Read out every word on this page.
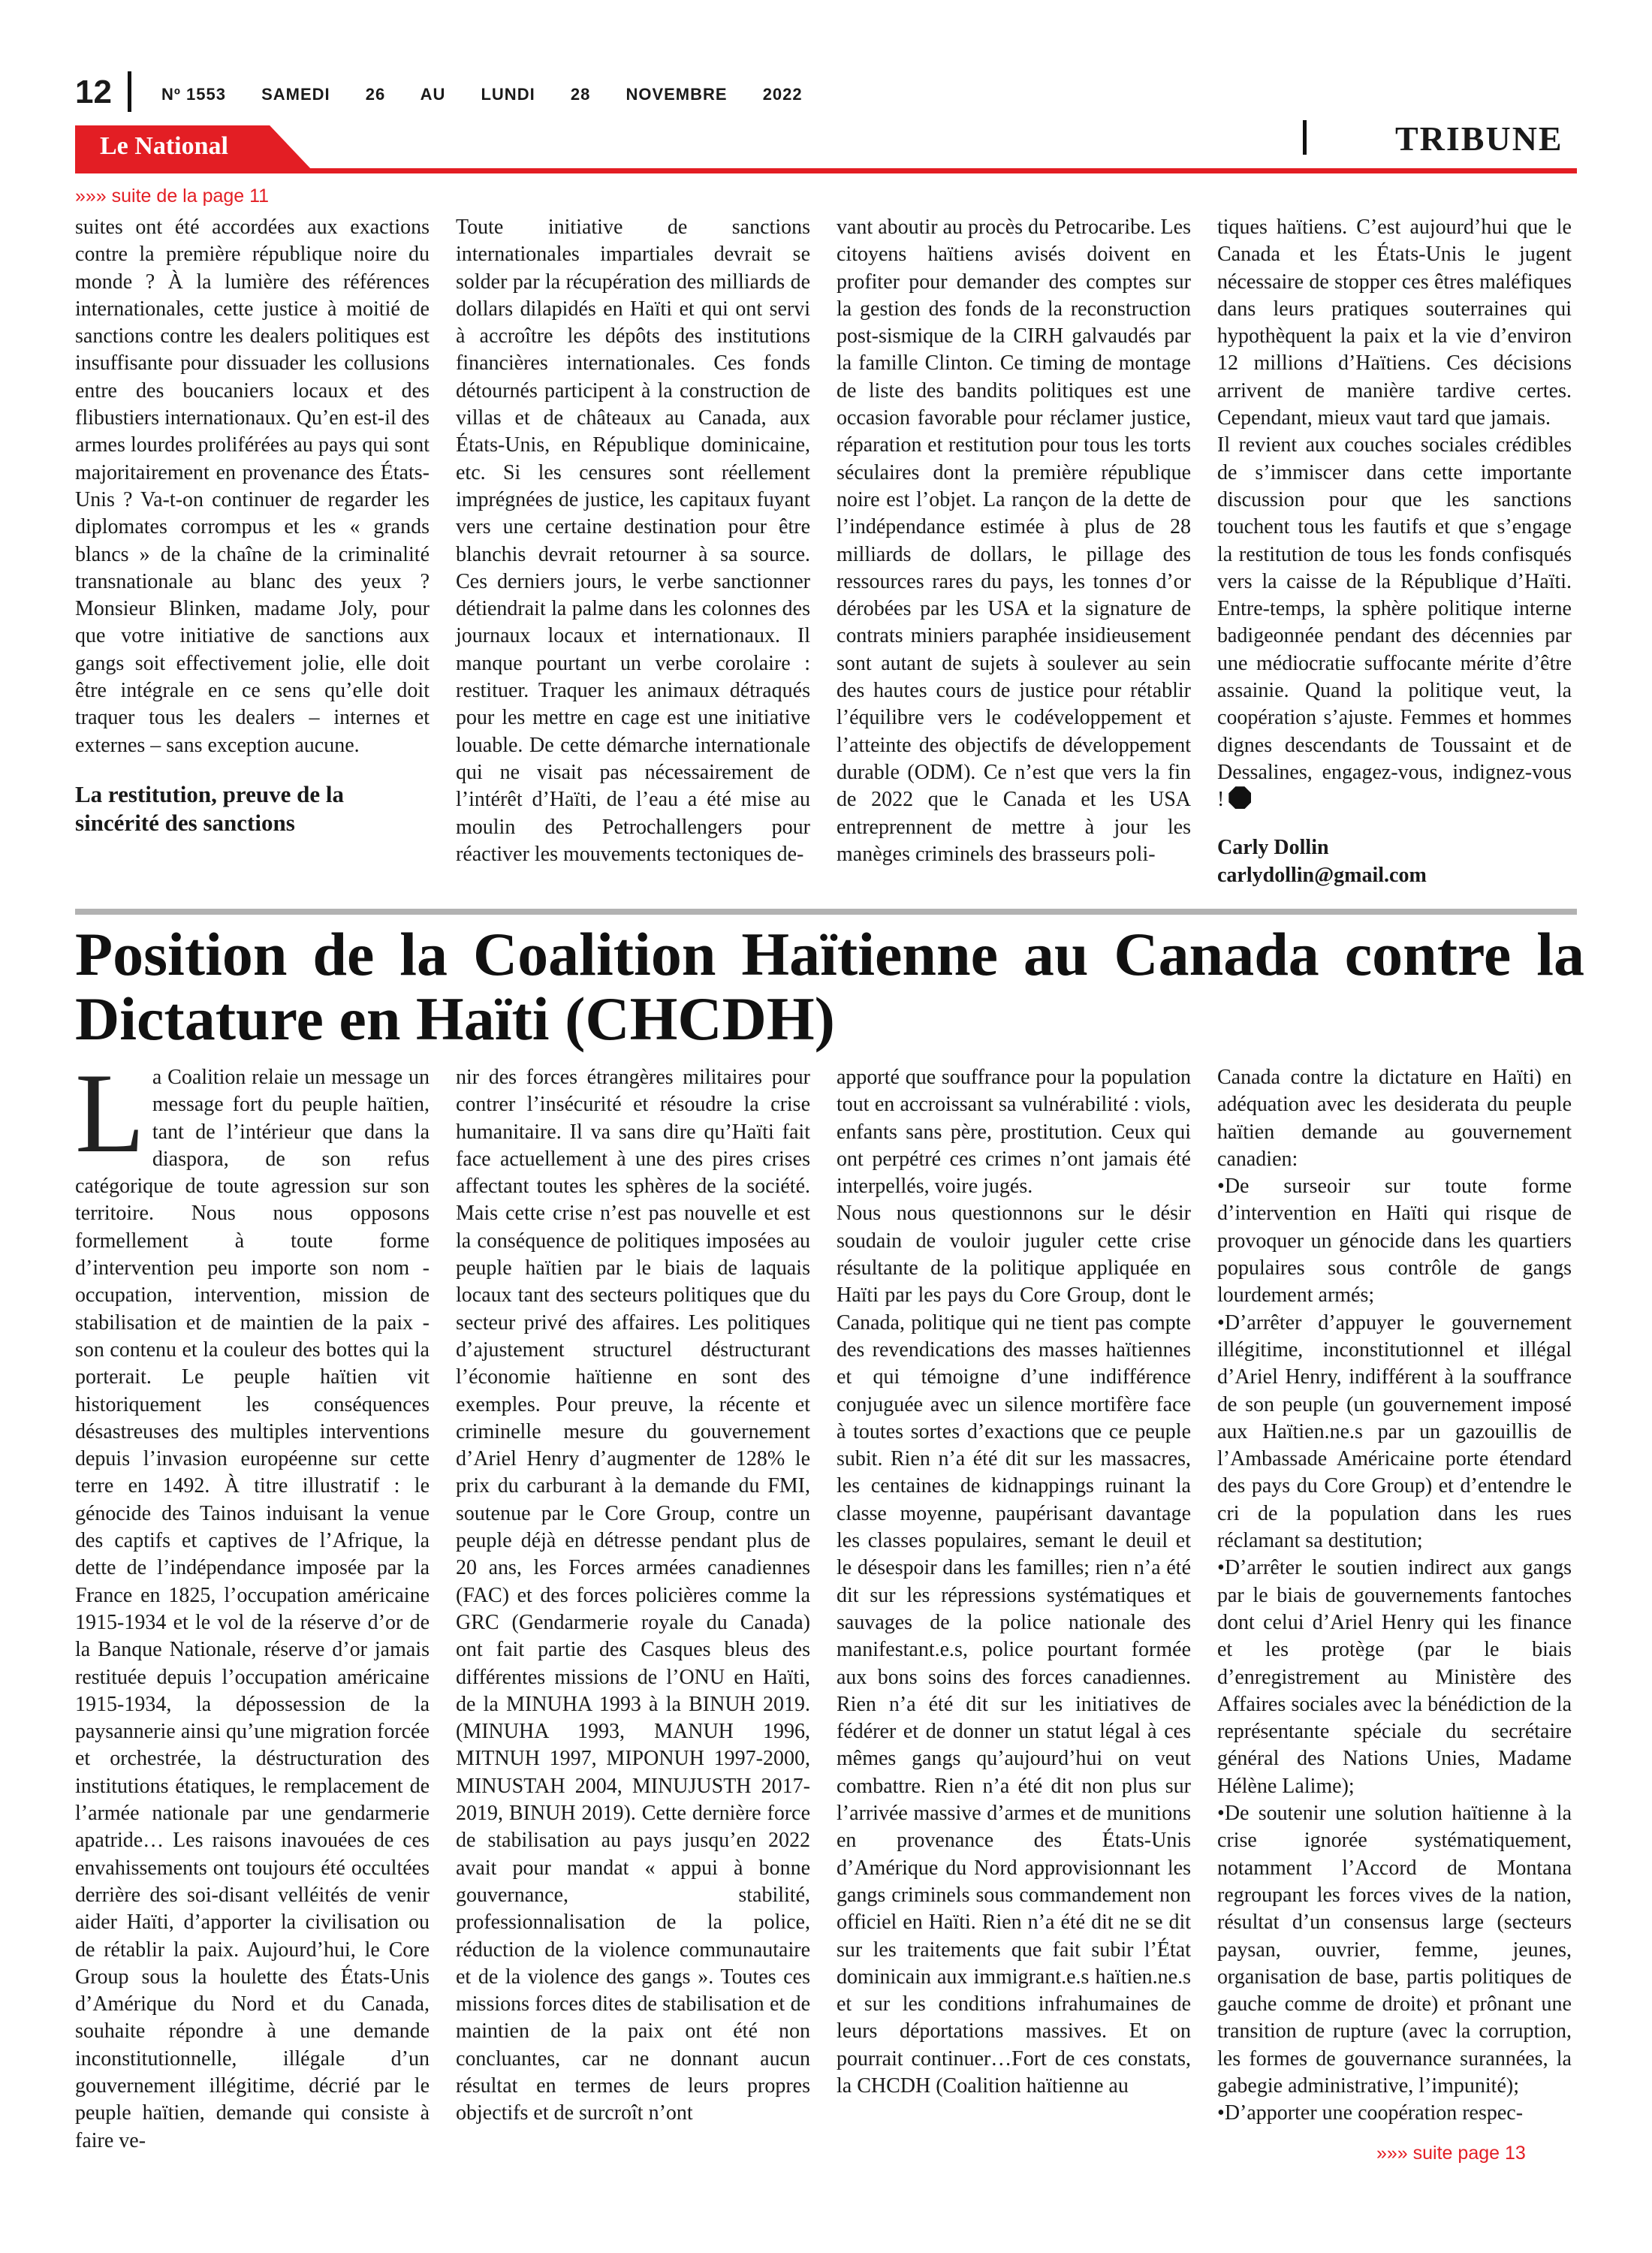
12	Nº 1553 SAMEDI 26 AU LUNDI 28 NOVEMBRE 2022
Le National	TRIBUNE
»»» suite de la page 11

suites ont été accordées aux exactions contre la première république noire du monde ? À la lumière des références internationales, cette justice à moitié de sanctions contre les dealers politiques est insuffisante pour dissuader les collusions entre des boucaniers locaux et des flibustiers internationaux. Qu’en est-il des armes lourdes proliférées au pays qui sont majoritairement en provenance des États-Unis ? Va-t-on continuer de regarder les diplomates corrompus et les « grands blancs » de la chaîne de la criminalité transnationale au blanc des yeux ? Monsieur Blinken, madame Joly, pour que votre initiative de sanctions aux gangs soit effectivement jolie, elle doit être intégrale en ce sens qu’elle doit traquer tous les dealers – internes et externes – sans exception aucune.

La restitution, preuve de la sincérité des sanctions

Toute initiative de sanctions internationales impartiales devrait se solder par la récupération des milliards de dollars dilapidés en Haïti et qui ont servi à accroître les dépôts des institutions financières internationales. Ces fonds détournés participent à la construction de villas et de châteaux au Canada, aux États-Unis, en République dominicaine, etc. Si les censures sont réellement imprégnées de justice, les capitaux fuyant vers une certaine destination pour être blanchis devrait retourner à sa source. Ces derniers jours, le verbe sanctionner détiendrait la palme dans les colonnes des journaux locaux et internationaux. Il manque pourtant un verbe corolaire : restituer. Traquer les animaux détraqués pour les mettre en cage est une initiative louable. De cette démarche internationale qui ne visait pas nécessairement de l’intérêt d’Haïti, de l’eau a été mise au moulin des Petrochallengers pour réactiver les mouvements tectoniques de-

vant aboutir au procès du Petrocaribe. Les citoyens haïtiens avisés doivent en profiter pour demander des comptes sur la gestion des fonds de la reconstruction post-sismique de la CIRH galvaudés par la famille Clinton. Ce timing de montage de liste des bandits politiques est une occasion favorable pour réclamer justice, réparation et restitution pour tous les torts séculaires dont la première république noire est l’objet. La rançon de la dette de l’indépendance estimée à plus de 28 milliards de dollars, le pillage des ressources rares du pays, les tonnes d’or dérobées par les USA et la signature de contrats miniers paraphée insidieusement sont autant de sujets à soulever au sein des hautes cours de justice pour rétablir l’équilibre vers le codéveloppement et l’atteinte des objectifs de développement durable (ODM). Ce n’est que vers la fin de 2022 que le Canada et les USA entreprennent de mettre à jour les manèges criminels des brasseurs poli-

tiques haïtiens. C’est aujourd’hui que le Canada et les États-Unis le jugent nécessaire de stopper ces êtres maléfiques dans leurs pratiques souterraines qui hypothèquent la paix et la vie d’environ 12 millions d’Haïtiens. Ces décisions arrivent de manière tardive certes. Cependant, mieux vaut tard que jamais.

Il revient aux couches sociales crédibles de s’immiscer dans cette importante discussion pour que les sanctions touchent tous les fautifs et que s’engage la restitution de tous les fonds confisqués vers la caisse de la République d’Haïti. Entre-temps, la sphère politique interne badigeonnée pendant des décennies par une médiocratie suffocante mérite d’être assainie. Quand la politique veut, la coopération s’ajuste. Femmes et hommes dignes descendants de Toussaint et de Dessalines, engagez-vous, indignez-vous !

Carly Dollin
carlydollin@gmail.com
Position de la Coalition Haïtienne au Canada contre la Dictature en Haïti (CHCDH)
L a Coalition relaie un message un message fort du peuple haïtien, tant de l’intérieur que dans la diaspora, de son refus catégorique de toute agression sur son territoire. Nous nous opposons formellement à toute forme d’intervention peu importe son nom - occupation, intervention, mission de stabilisation et de maintien de la paix - son contenu et la couleur des bottes qui la porterait. Le peuple haïtien vit historiquement les conséquences désastreuses des multiples interventions depuis l’invasion européenne sur cette terre en 1492. À titre illustratif : le génocide des Tainos induisant la venue des captifs et captives de l’Afrique, la dette de l’indépendance imposée par la France en 1825, l’occupation américaine 1915-1934 et le vol de la réserve d’or de la Banque Nationale, réserve d’or jamais restituée depuis l’occupation américaine 1915-1934, la dépossession de la paysannerie ainsi qu’une migration forcée et orchestrée, la déstructuration des institutions étatiques, le remplacement de l’armée nationale par une gendarmerie apatride… Les raisons inavouées de ces envahissements ont toujours été occultées derrière des soi-disant velléités de venir aider Haïti, d’apporter la civilisation ou de rétablir la paix. Aujourd’hui, le Core Group sous la houlette des États-Unis d’Amérique du Nord et du Canada, souhaite répondre à une demande inconstitutionnelle, illégale d’un gouvernement illégitime, décrié par le peuple haïtien, demande qui consiste à faire ve-

nir des forces étrangères militaires pour contrer l’insécurité et résoudre la crise humanitaire. Il va sans dire qu’Haïti fait face actuellement à une des pires crises affectant toutes les sphères de la société. Mais cette crise n’est pas nouvelle et est la conséquence de politiques imposées au peuple haïtien par le biais de laquais locaux tant des secteurs politiques que du secteur privé des affaires. Les politiques d’ajustement structurel déstructurant l’économie haïtienne en sont des exemples. Pour preuve, la récente et criminelle mesure du gouvernement d’Ariel Henry d’augmenter de 128% le prix du carburant à la demande du FMI, soutenue par le Core Group, contre un peuple déjà en détresse pendant plus de 20 ans, les Forces armées canadiennes (FAC) et des forces policières comme la GRC (Gendarmerie royale du Canada) ont fait partie des Casques bleus des différentes missions de l’ONU en Haïti, de la MINUHA 1993 à la BINUH 2019. (MINUHA 1993, MANUH 1996, MITNUH 1997, MIPONUH 1997-2000, MINUSTAH 2004, MINUJUSTH 2017-2019, BINUH 2019). Cette dernière force de stabilisation au pays jusqu’en 2022 avait pour mandat « appui à bonne gouvernance, stabilité, professionnalisation de la police, réduction de la violence communautaire et de la violence des gangs ». Toutes ces missions forces dites de stabilisation et de maintien de la paix ont été non concluantes, car ne donnant aucun résultat en termes de leurs propres objectifs et de surcroît n’ont

apporté que souffrance pour la population tout en accroissant sa vulnérabilité : viols, enfants sans père, prostitution. Ceux qui ont perpétré ces crimes n’ont jamais été interpellés, voire jugés.

Nous nous questionnons sur le désir soudain de vouloir juguler cette crise résultante de la politique appliquée en Haïti par les pays du Core Group, dont le Canada, politique qui ne tient pas compte des revendications des masses haïtiennes et qui témoigne d’une indifférence conjuguée avec un silence mortifère face à toutes sortes d’exactions que ce peuple subit. Rien n’a été dit sur les massacres, les centaines de kidnappings ruinant la classe moyenne, paupérisant davantage les classes populaires, semant le deuil et le désespoir dans les familles; rien n’a été dit sur les répressions systématiques et sauvages de la police nationale des manifestant.e.s, police pourtant formée aux bons soins des forces canadiennes. Rien n’a été dit sur les initiatives de fédérer et de donner un statut légal à ces mêmes gangs qu’aujourd’hui on veut combattre. Rien n’a été dit non plus sur l’arrivée massive d’armes et de munitions en provenance des États-Unis d’Amérique du Nord approvisionnant les gangs criminels sous commandement non officiel en Haïti. Rien n’a été dit ne se dit sur les traitements que fait subir l’État dominicain aux immigrant.e.s haïtien.ne.s et sur les conditions infrahumaines de leurs déportations massives. Et on pourrait continuer…Fort de ces constats, la CHCDH (Coalition haïtienne au

Canada contre la dictature en Haïti) en adéquation avec les desiderata du peuple haïtien demande au gouvernement canadien:

• De surseoir sur toute forme d’intervention en Haïti qui risque de provoquer un génocide dans les quartiers populaires sous contrôle de gangs lourdement armés;

• D’arrêter d’appuyer le gouvernement illégitime, inconstitutionnel et illégal d’Ariel Henry, indifférent à la souffrance de son peuple (un gouvernement imposé aux Haïtien.ne.s par un gazouillis de l’Ambassade Américaine porte étendard des pays du Core Group) et d’entendre le cri de la population dans les rues réclamant sa destitution;

• D’arrêter le soutien indirect aux gangs par le biais de gouvernements fantoches dont celui d’Ariel Henry qui les finance et les protège (par le biais d’enregistrement au Ministère des Affaires sociales avec la bénédiction de la représentante spéciale du secrétaire général des Nations Unies, Madame Hélène Lalime);

• De soutenir une solution haïtienne à la crise ignorée systématiquement, notamment l’Accord de Montana regroupant les forces vives de la nation, résultat d’un consensus large (secteurs paysan, ouvrier, femme, jeunes, organisation de base, partis politiques de gauche comme de droite) et prônant une transition de rupture (avec la corruption, les formes de gouvernance surannées, la gabegie administrative, l’impunité);

• D’apporter une coopération respec-

»»» suite page 13
